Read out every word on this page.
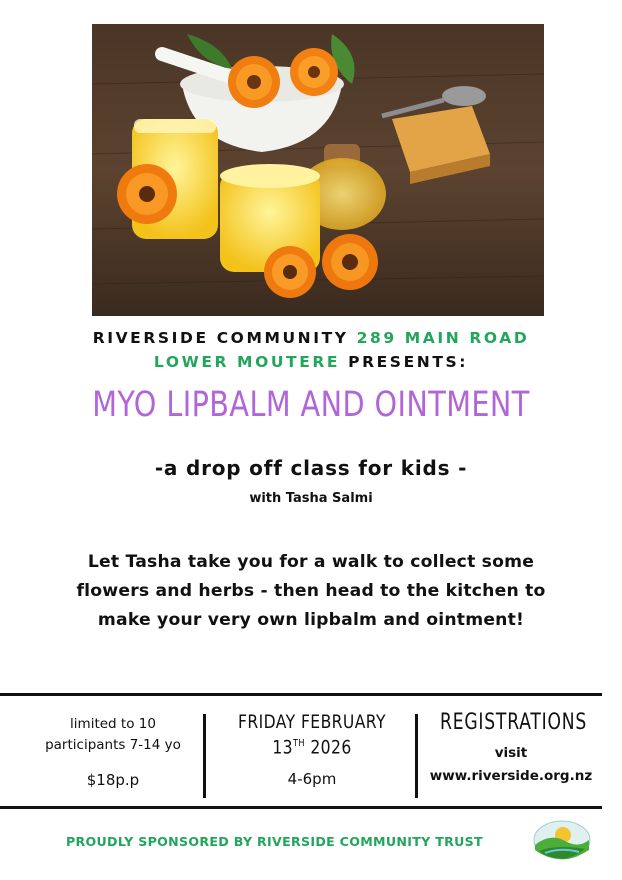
RIVERSIDE COMMUNITY 289 MAIN ROAD
LOWER MOUTERE PRESENTS:
MYO LIPBALM AND OINTMENT
-a drop off class for kids -
with Tasha Salmi
Let Tasha take you for a walk to collect some flowers and herbs - then head to the kitchen to make your very own lipbalm and ointment!
limited to 10
participants 7-14 yo
$18p.p
FRIDAY FEBRUARY
13TH 2026
4-6pm
REGISTRATIONS
visit
www.riverside.org.nz
PROUDLY SPONSORED BY RIVERSIDE COMMUNITY TRUST
